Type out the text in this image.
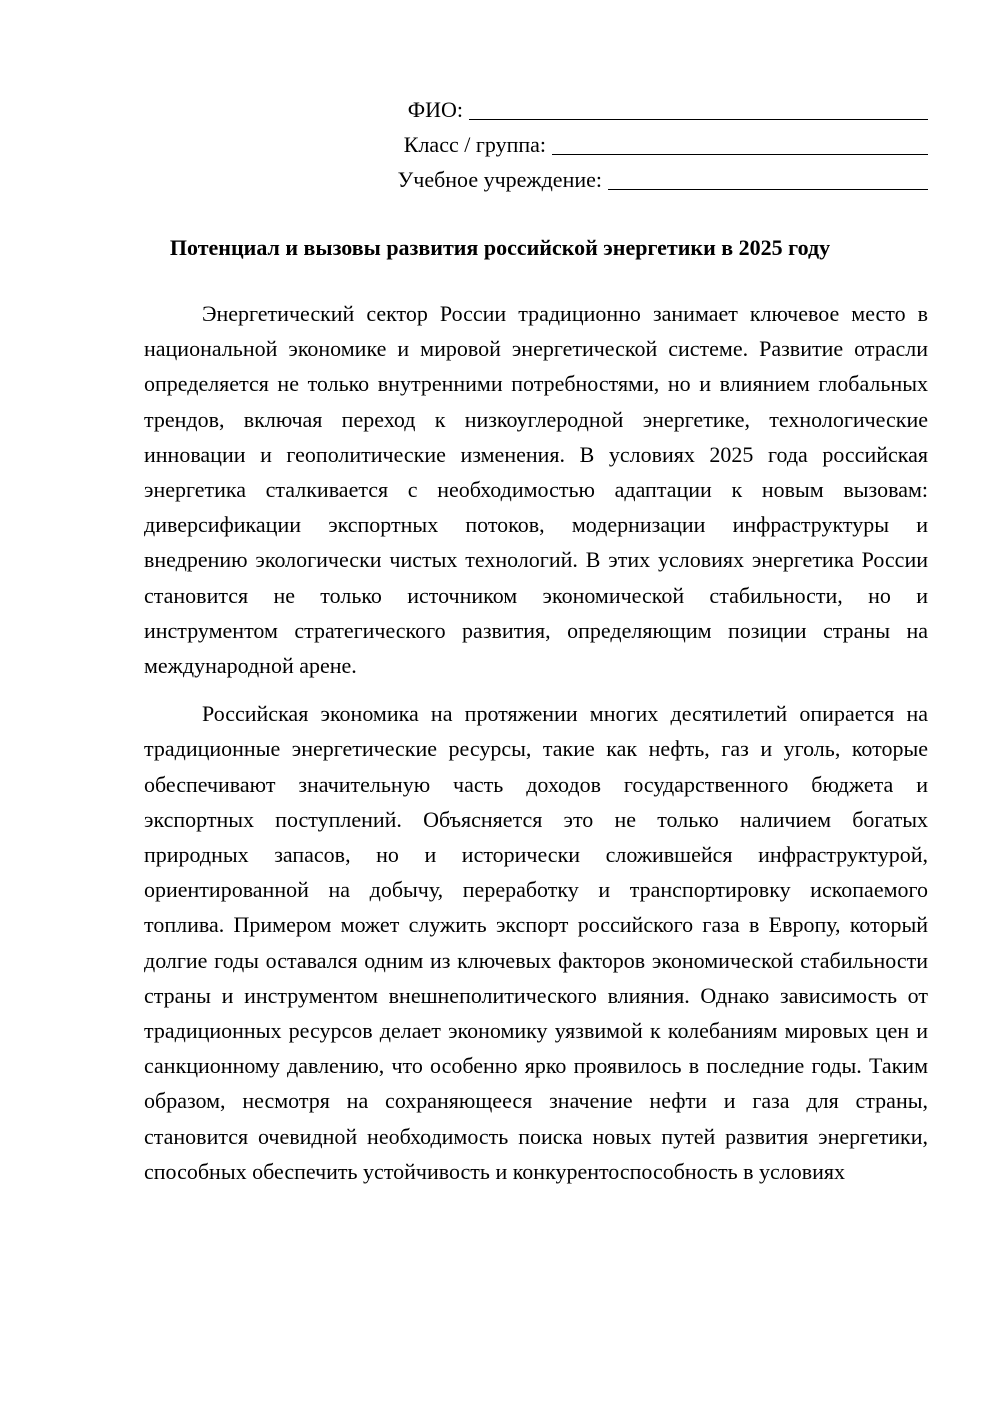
ФИО:
Класс / группа:
Учебное учреждение:
Потенциал и вызовы развития российской энергетики в 2025 году

Энергетический сектор России традиционно занимает ключевое место в национальной экономике и мировой энергетической системе. Развитие отрасли определяется не только внутренними потребностями, но и влиянием глобальных трендов, включая переход к низкоуглеродной энергетике, технологические инновации и геополитические изменения. В условиях 2025 года российская энергетика сталкивается с необходимостью адаптации к новым вызовам: диверсификации экспортных потоков, модернизации инфраструктуры и внедрению экологически чистых технологий. В этих условиях энергетика России становится не только источником экономической стабильности, но и инструментом стратегического развития, определяющим позиции страны на международной арене.

Российская экономика на протяжении многих десятилетий опирается на традиционные энергетические ресурсы, такие как нефть, газ и уголь, которые обеспечивают значительную часть доходов государственного бюджета и экспортных поступлений. Объясняется это не только наличием богатых природных запасов, но и исторически сложившейся инфраструктурой, ориентированной на добычу, переработку и транспортировку ископаемого топлива. Примером может служить экспорт российского газа в Европу, который долгие годы оставался одним из ключевых факторов экономической стабильности страны и инструментом внешнеполитического влияния. Однако зависимость от традиционных ресурсов делает экономику уязвимой к колебаниям мировых цен и санкционному давлению, что особенно ярко проявилось в последние годы. Таким образом, несмотря на сохраняющееся значение нефти и газа для страны, становится очевидной необходимость поиска новых путей развития энергетики, способных обеспечить устойчивость и конкурентоспособность в условиях
